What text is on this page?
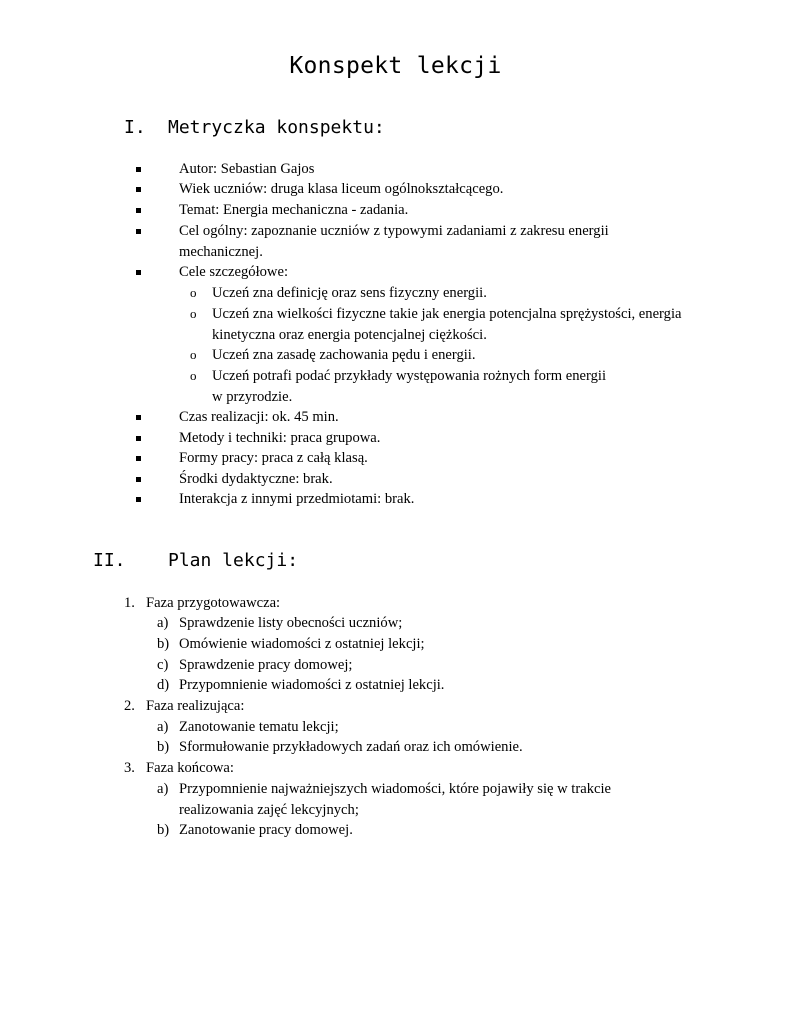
Konspekt lekcji
I. Metryczka konspektu:
Autor: Sebastian Gajos
Wiek uczniów: druga klasa liceum ogólnokształcącego.
Temat: Energia mechaniczna - zadania.
Cel ogólny: zapoznanie uczniów z typowymi zadaniami z zakresu energii
mechanicznej.
Cele szczegółowe:
o Uczeń zna definicję oraz sens fizyczny energii.
o Uczeń zna wielkości fizyczne takie jak energia potencjalna sprężystości, energia
kinetyczna oraz energia potencjalnej ciężkości.
o Uczeń zna zasadę zachowania pędu i energii.
o Uczeń potrafi podać przykłady występowania rożnych form energii
w przyrodzie.
Czas realizacji: ok. 45 min.
Metody i techniki: praca grupowa.
Formy pracy: praca z całą klasą.
Środki dydaktyczne: brak.
Interakcja z innymi przedmiotami: brak.
II. Plan lekcji:
1. Faza przygotowawcza:
a) Sprawdzenie listy obecności uczniów;
b) Omówienie wiadomości z ostatniej lekcji;
c) Sprawdzenie pracy domowej;
d) Przypomnienie wiadomości z ostatniej lekcji.
2. Faza realizująca:
a) Zanotowanie tematu lekcji;
b) Sformułowanie przykładowych zadań oraz ich omówienie.
3. Faza końcowa:
a) Przypomnienie najważniejszych wiadomości, które pojawiły się w trakcie
realizowania zajęć lekcyjnych;
b) Zanotowanie pracy domowej.
